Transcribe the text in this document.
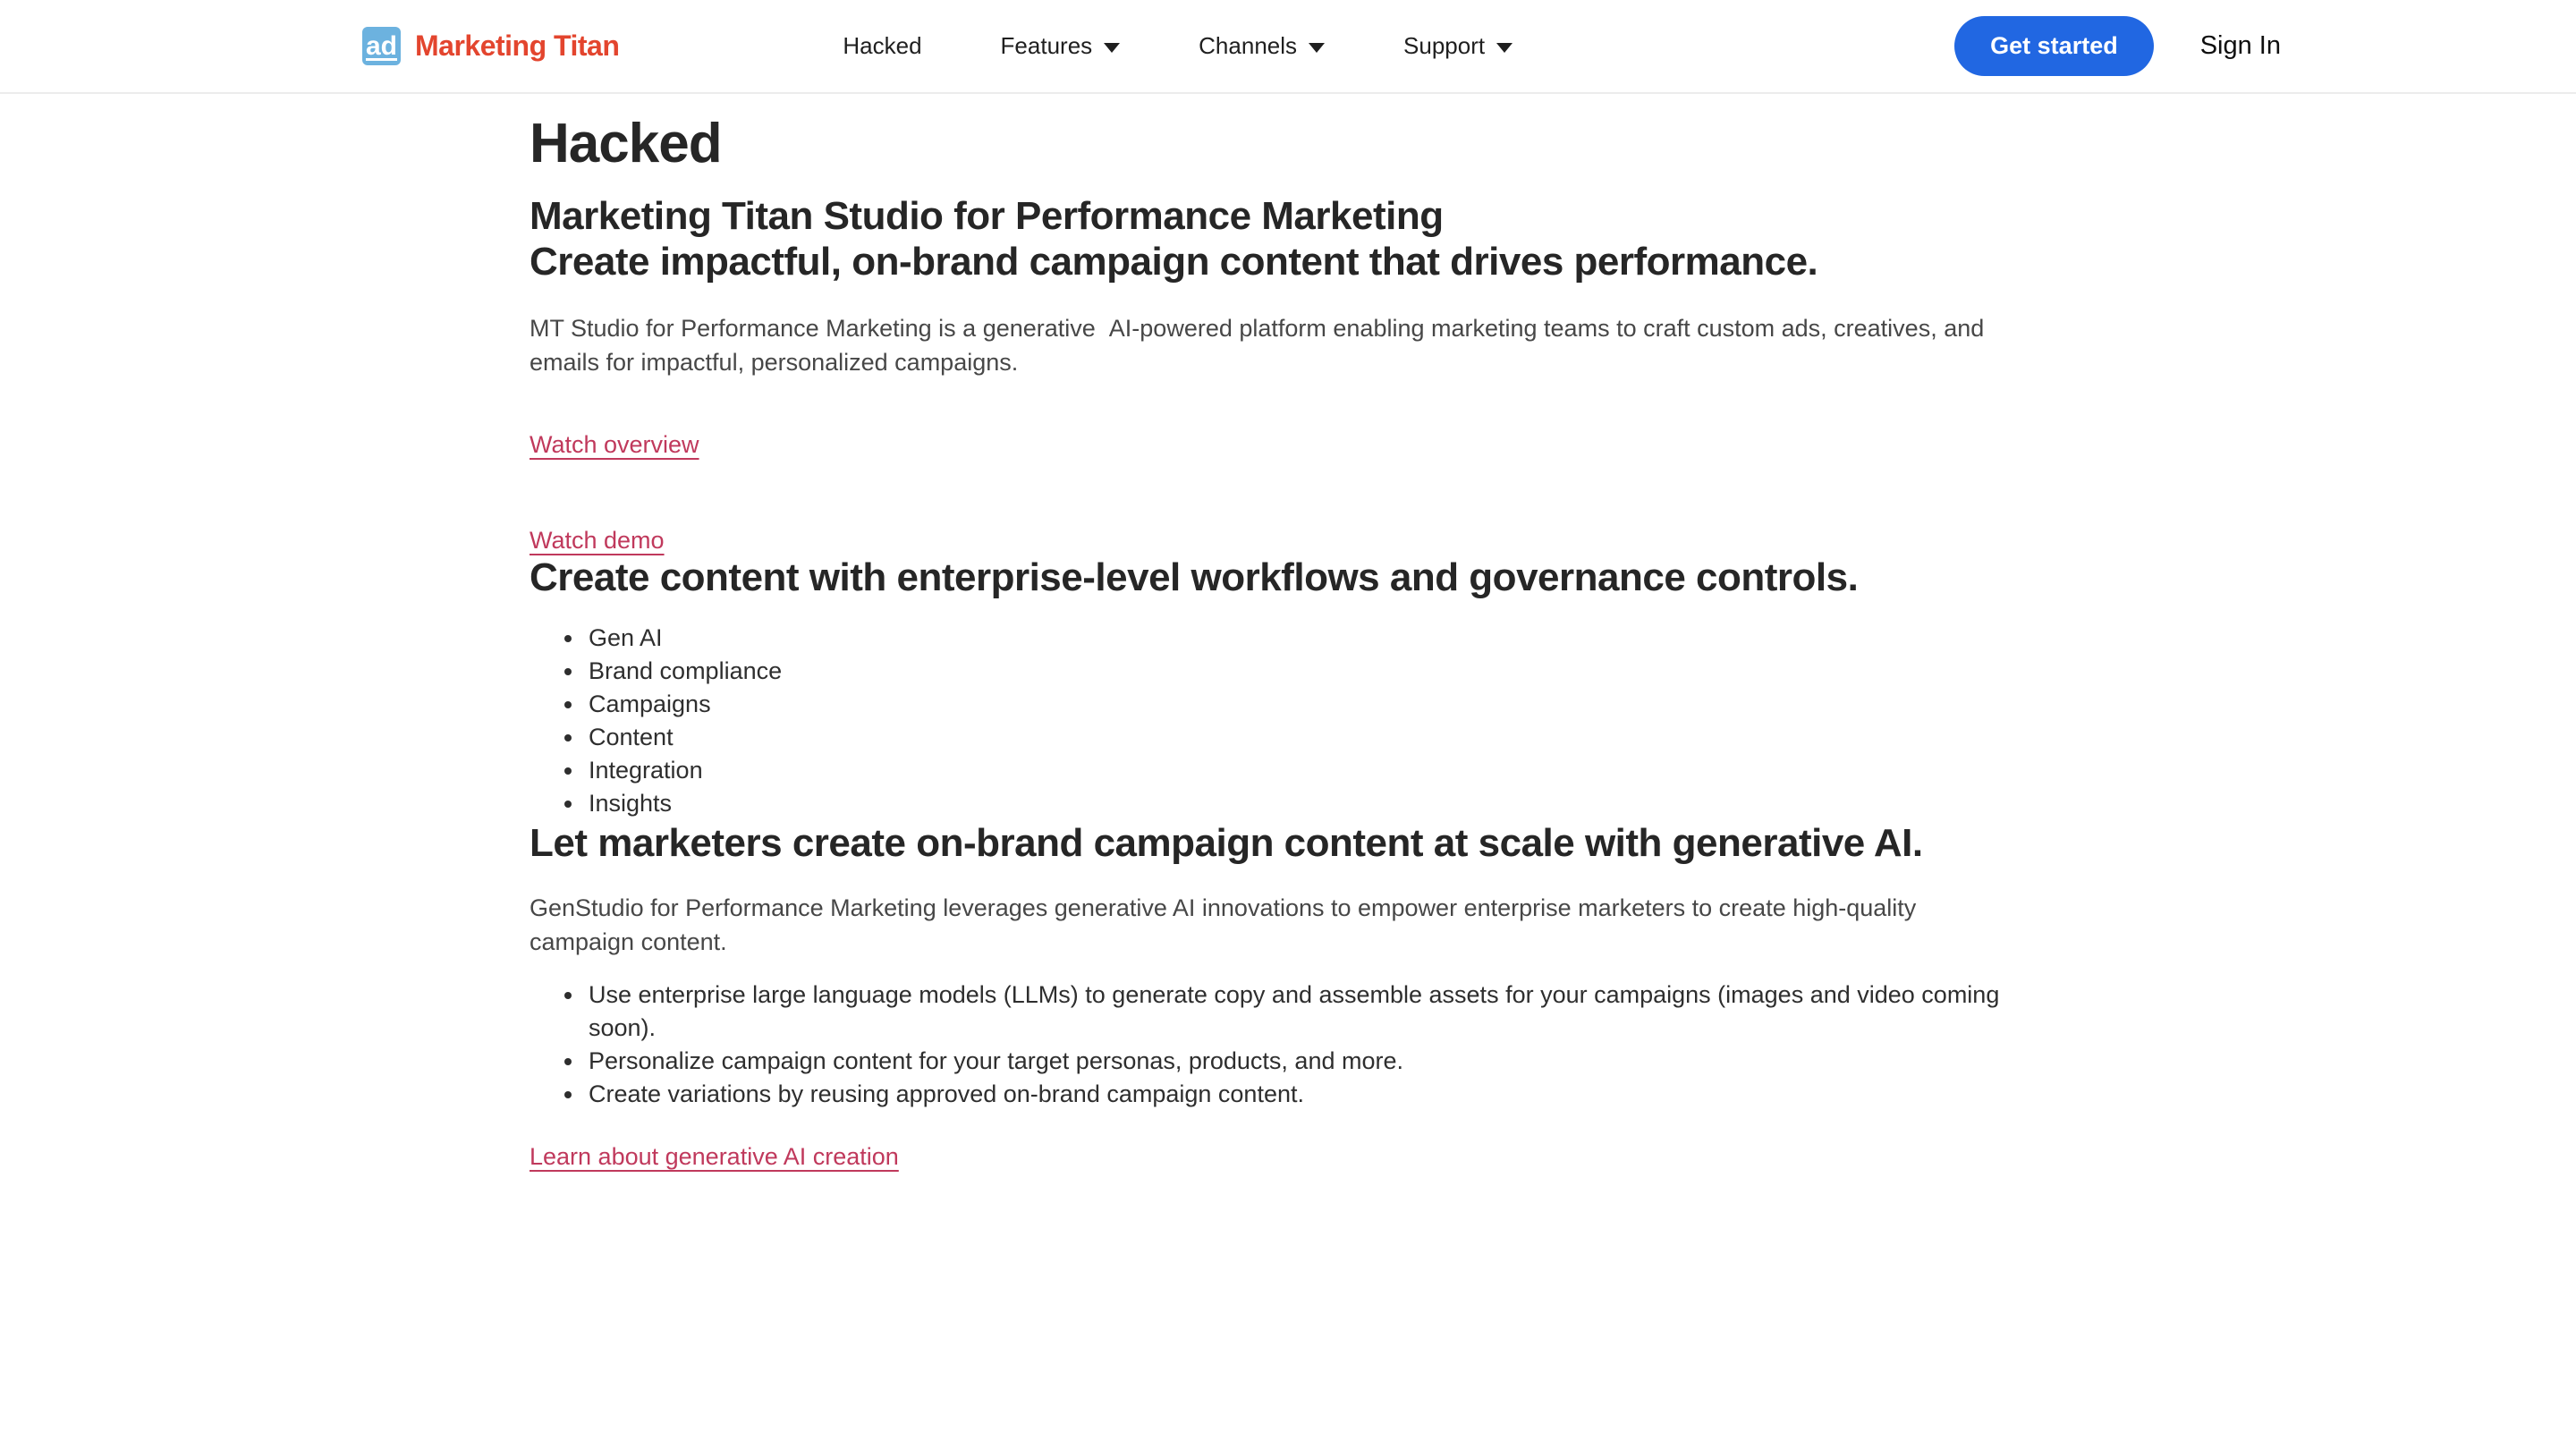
ad Marketing Titan	Hacked	Features	Channels	Support	Get started	Sign In
Hacked
Marketing Titan Studio for Performance Marketing
Create impactful, on-brand campaign content that drives performance.

MT Studio for Performance Marketing is a generative  AI-powered platform enabling marketing teams to craft custom ads, creatives, and emails for impactful, personalized campaigns.

Watch overview
Watch demo
Create content with enterprise-level workflows and governance controls.
• Gen AI
• Brand compliance
• Campaigns
• Content
• Integration
• Insights
Let marketers create on-brand campaign content at scale with generative AI.

GenStudio for Performance Marketing leverages generative AI innovations to empower enterprise marketers to create high-quality campaign content.

• Use enterprise large language models (LLMs) to generate copy and assemble assets for your campaigns (images and video coming soon).
• Personalize campaign content for your target personas, products, and more.
• Create variations by reusing approved on-brand campaign content.
Learn about generative AI creation
